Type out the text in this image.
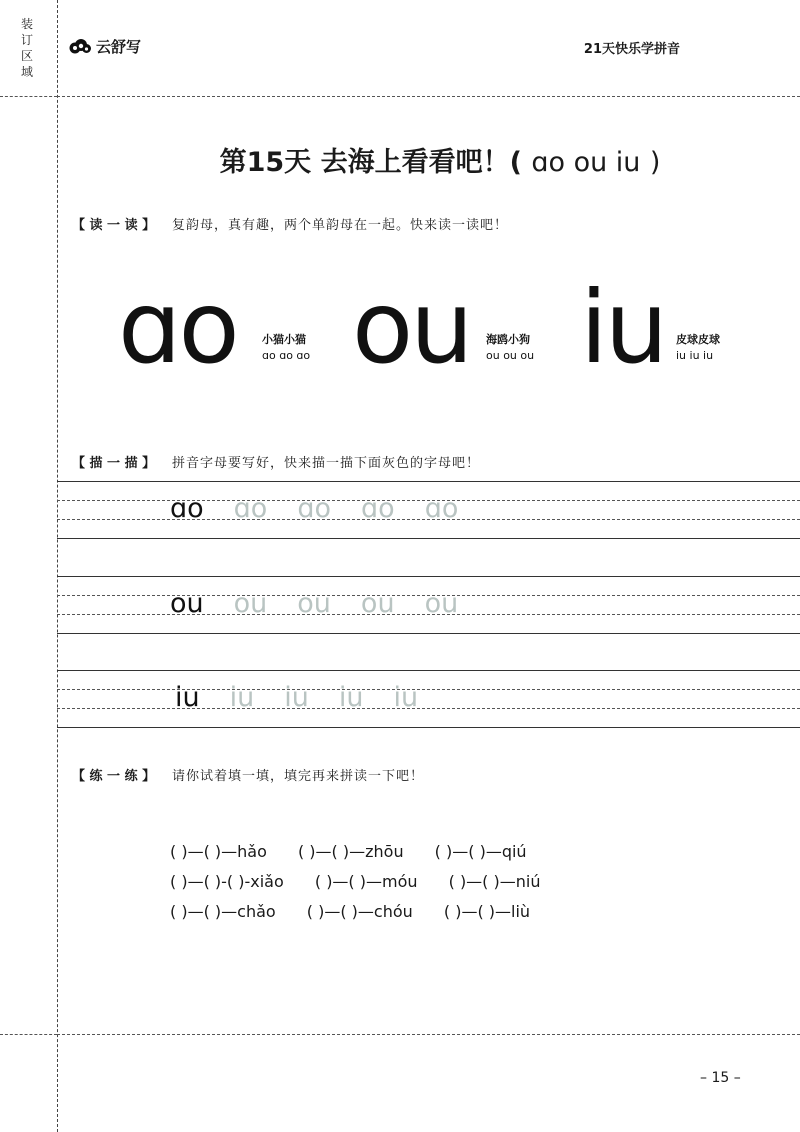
装
订
区
域
云舒写	21天快乐学拼音
第15天 去海上看看吧！( ɑo ou iu )
【 读 一 读 】 复韵母，真有趣，两个单韵母在一起。快来读一读吧！
ɑo 小猫小猫
ɑo ɑo ɑo ou 海鸥小狗
ou ou ou iu 皮球皮球
iu iu iu
【 描 一 描 】 拼音字母要写好，快来描一描下面灰色的字母吧！
ɑo ɑo ɑo ɑo ɑo
ou ou ou ou ou
iu iu iu iu iu
【 练 一 练 】 请你试着填一填，填完再来拼读一下吧！
( )—( )—hǎo ( )—( )—zhōu ( )—( )—qiú
( )—( )-( )-xiǎo ( )—( )—móu ( )—( )—niú
( )—( )—chǎo ( )—( )—chóu ( )—( )—liù
– 15 –
